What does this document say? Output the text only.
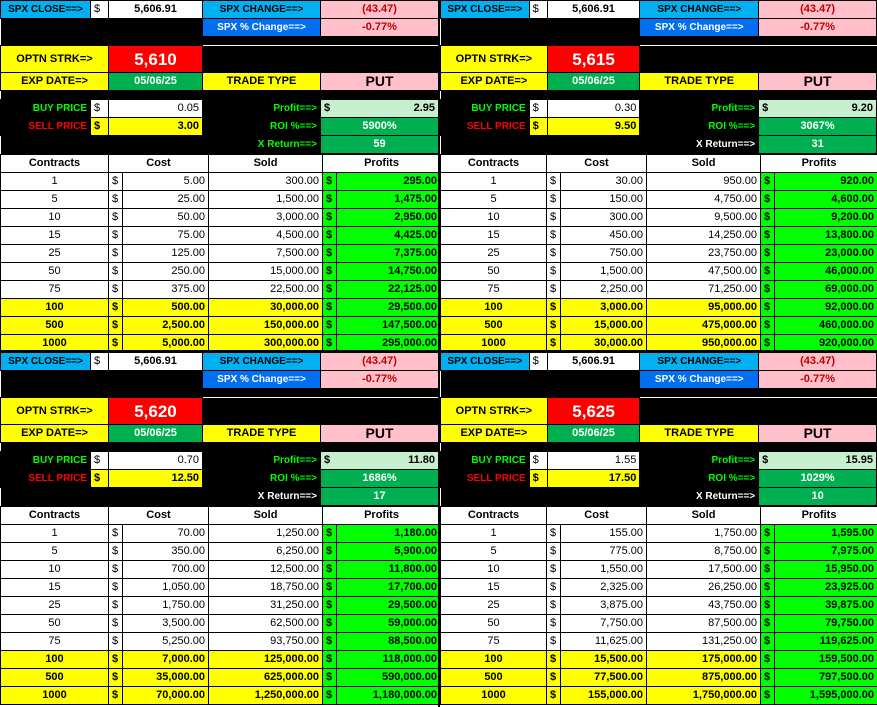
SPX CLOSE==>	$	5,606.91	SPX CHANGE==>	(43.47)
			SPX % Change==>	-0.77%

OPTN STRK=>		5,610		
EXP DATE=>		05/06/25	TRADE TYPE	PUT

BUY PRICE	$	0.05	Profit==>	$ 2.95
SELL PRICE	$	3.00	ROI %==>	5900%
			X Return==>	59
Contracts	Cost		Sold	Profits	
1	$	5.00	300.00	$	295.00
5	$	25.00	1,500.00	$	1,475.00
10	$	50.00	3,000.00	$	2,950.00
15	$	75.00	4,500.00	$	4,425.00
25	$	125.00	7,500.00	$	7,375.00
50	$	250.00	15,000.00	$	14,750.00
75	$	375.00	22,500.00	$	22,125.00
100	$	500.00	30,000.00	$	29,500.00
500	$	2,500.00	150,000.00	$	147,500.00
1000	$	5,000.00	300,000.00	$	295,000.00
SPX CLOSE==>	$	5,606.91	SPX CHANGE==>	(43.47)
			SPX % Change==>	-0.77%

OPTN STRK=>		5,615		
EXP DATE=>		05/06/25	TRADE TYPE	PUT

BUY PRICE	$	0.30	Profit==>	$ 9.20
SELL PRICE	$	9.50	ROI %==>	3067%
			X Return==>	31
Contracts	Cost		Sold	Profits	
1	$	30.00	950.00	$	920.00
5	$	150.00	4,750.00	$	4,600.00
10	$	300.00	9,500.00	$	9,200.00
15	$	450.00	14,250.00	$	13,800.00
25	$	750.00	23,750.00	$	23,000.00
50	$	1,500.00	47,500.00	$	46,000.00
75	$	2,250.00	71,250.00	$	69,000.00
100	$	3,000.00	95,000.00	$	92,000.00
500	$	15,000.00	475,000.00	$	460,000.00
1000	$	30,000.00	950,000.00	$	920,000.00
SPX CLOSE==>	$	5,606.91	SPX CHANGE==>	(43.47)
			SPX % Change==>	-0.77%

OPTN STRK=>		5,620		
EXP DATE=>		05/06/25	TRADE TYPE	PUT

BUY PRICE	$	0.70	Profit==>	$ 11.80
SELL PRICE	$	12.50	ROI %==>	1686%
			X Return==>	17
Contracts	Cost		Sold	Profits	
1	$	70.00	1,250.00	$	1,180.00
5	$	350.00	6,250.00	$	5,900.00
10	$	700.00	12,500.00	$	11,800.00
15	$	1,050.00	18,750.00	$	17,700.00
25	$	1,750.00	31,250.00	$	29,500.00
50	$	3,500.00	62,500.00	$	59,000.00
75	$	5,250.00	93,750.00	$	88,500.00
100	$	7,000.00	125,000.00	$	118,000.00
500	$	35,000.00	625,000.00	$	590,000.00
1000	$	70,000.00	1,250,000.00	$	1,180,000.00
SPX CLOSE==>	$	5,606.91	SPX CHANGE==>	(43.47)
			SPX % Change==>	-0.77%

OPTN STRK=>		5,625		
EXP DATE=>		05/06/25	TRADE TYPE	PUT

BUY PRICE	$	1.55	Profit==>	$ 15.95
SELL PRICE	$	17.50	ROI %==>	1029%
			X Return==>	10
Contracts	Cost		Sold	Profits	
1	$	155.00	1,750.00	$	1,595.00
5	$	775.00	8,750.00	$	7,975.00
10	$	1,550.00	17,500.00	$	15,950.00
15	$	2,325.00	26,250.00	$	23,925.00
25	$	3,875.00	43,750.00	$	39,875.00
50	$	7,750.00	87,500.00	$	79,750.00
75	$	11,625.00	131,250.00	$	119,625.00
100	$	15,500.00	175,000.00	$	159,500.00
500	$	77,500.00	875,000.00	$	797,500.00
1000	$	155,000.00	1,750,000.00	$	1,595,000.00
